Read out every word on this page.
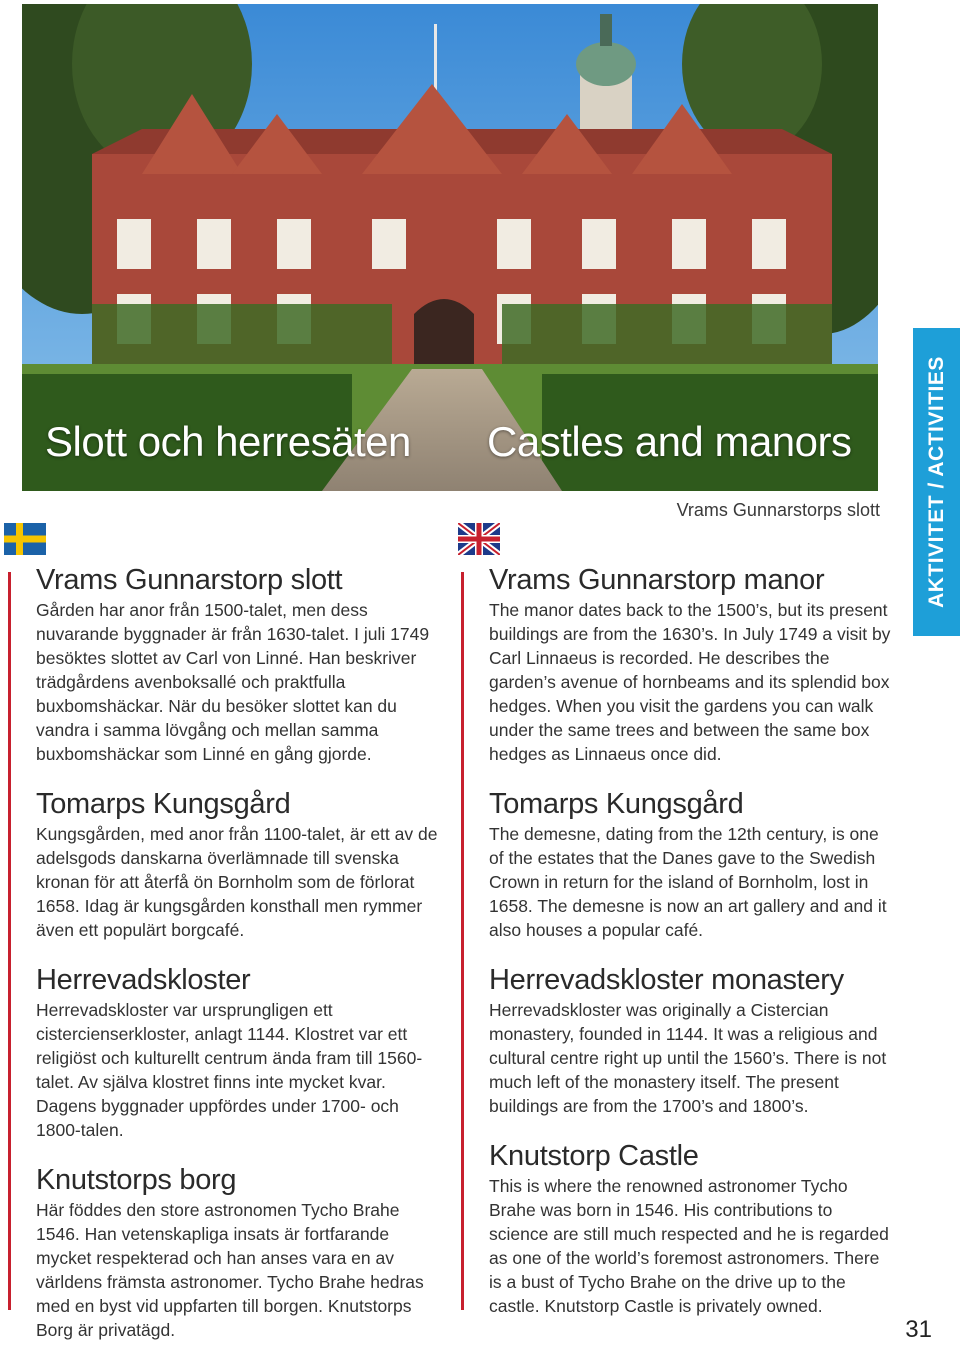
Slott och herresäten Castles and manors
Vrams Gunnarstorps slott
Vrams Gunnarstorp slott

Gården har anor från 1500-talet, men dess nuvarande byggnader är från 1630-talet. I juli 1749 besöktes slottet av Carl von Linné. Han beskriver trädgårdens avenboksallé och praktfulla buxbomshäckar. När du besöker slottet kan du vandra i samma lövgång och mellan samma buxbomshäckar som Linné en gång gjorde.

Tomarps Kungsgård

Kungsgården, med anor från 1100-talet, är ett av de adelsgods danskarna överlämnade till svenska kronan för att återfå ön Bornholm som de förlorat 1658. Idag är kungsgården konsthall men rymmer även ett populärt borgcafé.

Herrevadskloster

Herrevadskloster var ursprungligen ett cistercienserkloster, anlagt 1144. Klostret var ett religiöst och kulturellt centrum ända fram till 1560-talet. Av själva klostret finns inte mycket kvar. Dagens byggnader uppfördes under 1700- och 1800-talen.

Knutstorps borg

Här föddes den store astronomen Tycho Brahe 1546. Han vetenskapliga insats är fortfarande mycket respekterad och han anses vara en av världens främsta astronomer. Tycho Brahe hedras med en byst vid uppfarten till borgen. Knutstorps Borg är privatägd.

Vrams Gunnarstorp manor

The manor dates back to the 1500’s, but its present buildings are from the 1630’s. In July 1749 a visit by Carl Linnaeus is recorded. He describes the garden’s avenue of hornbeams and its splendid box hedges. When you visit the gardens you can walk under the same trees and between the same box hedges as Linnaeus once did.

Tomarps Kungsgård

The demesne, dating from the 12th century, is one of the estates that the Danes gave to the Swedish Crown in return for the island of Bornholm, lost in 1658. The demesne is now an art gallery and and it also houses a popular café.

Herrevadskloster monastery

Herrevadskloster was originally a Cistercian monastery, founded in 1144. It was a religious and cultural centre right up until the 1560’s. There is not much left of the monastery itself. The present buildings are from the 1700’s and 1800’s.

Knutstorp Castle

This is where the renowned astronomer Tycho Brahe was born in 1546. His contributions to science are still much respected and he is regarded as one of the world’s foremost astronomers. There is a bust of Tycho Brahe on the drive up to the castle. Knutstorp Castle is privately owned.

AKTIVITET / ACTIVITIES
31
